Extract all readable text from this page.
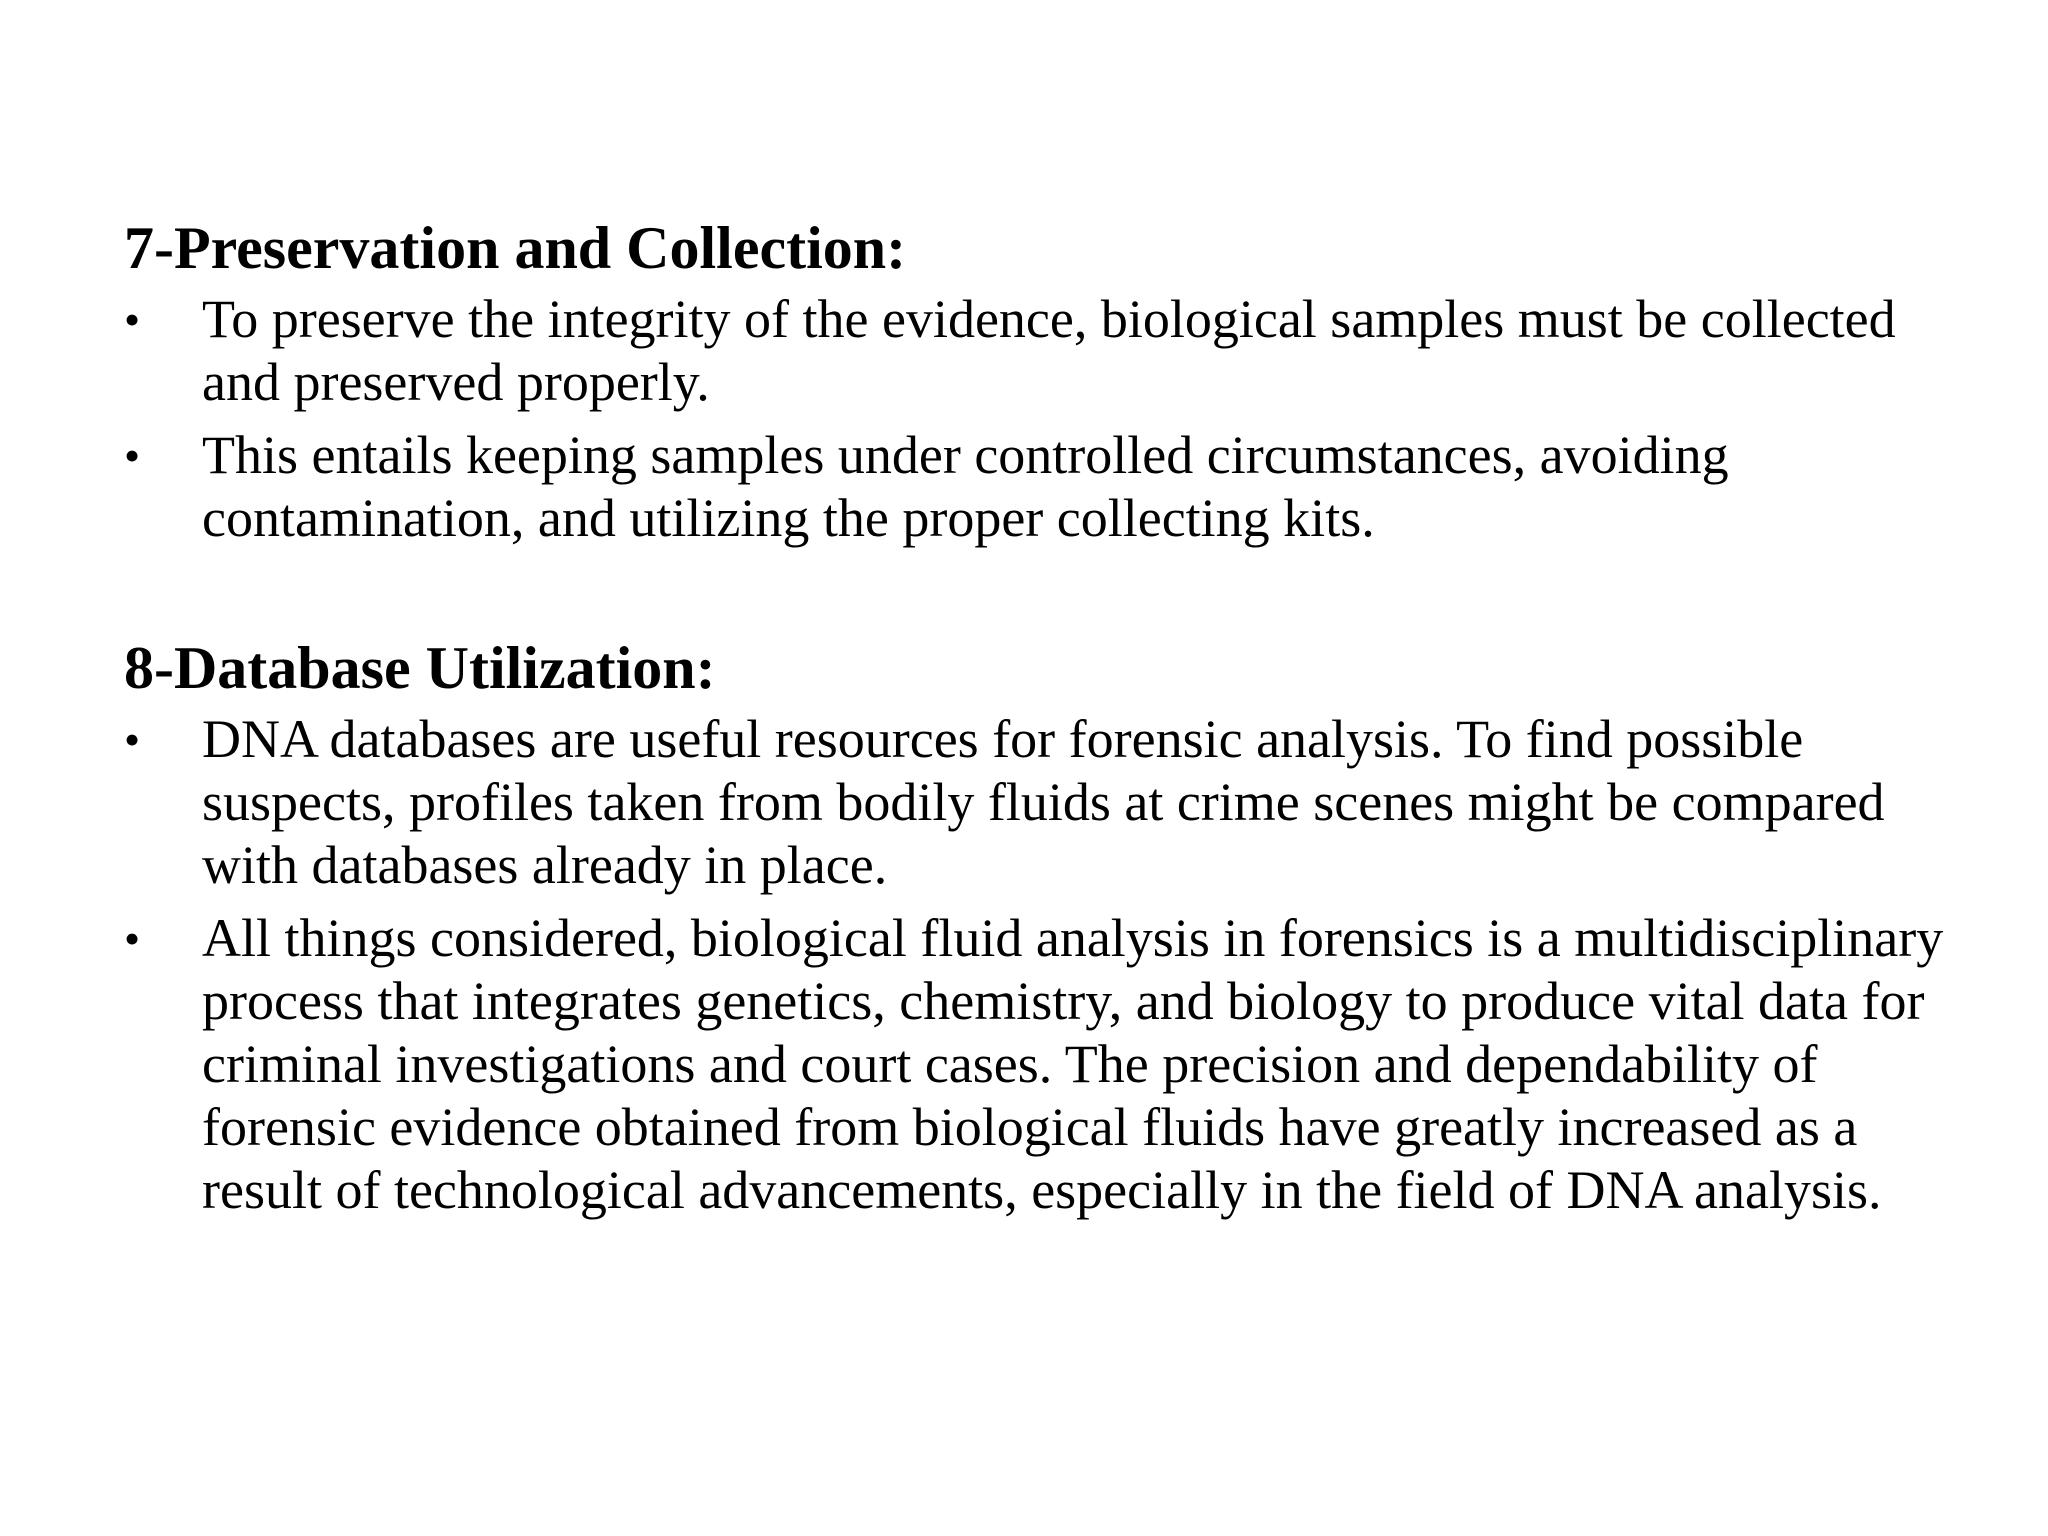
7-Preservation and Collection:
•	To preserve the integrity of the evidence, biological samples must be collected and preserved properly.
•	This entails keeping samples under controlled circumstances, avoiding contamination, and utilizing the proper collecting kits.
8-Database Utilization:
•	DNA databases are useful resources for forensic analysis. To find possible suspects, profiles taken from bodily fluids at crime scenes might be compared with databases already in place.
•	All things considered, biological fluid analysis in forensics is a multidisciplinary process that integrates genetics, chemistry, and biology to produce vital data for criminal investigations and court cases. The precision and dependability of forensic evidence obtained from biological fluids have greatly increased as a result of technological advancements, especially in the field of DNA analysis.
